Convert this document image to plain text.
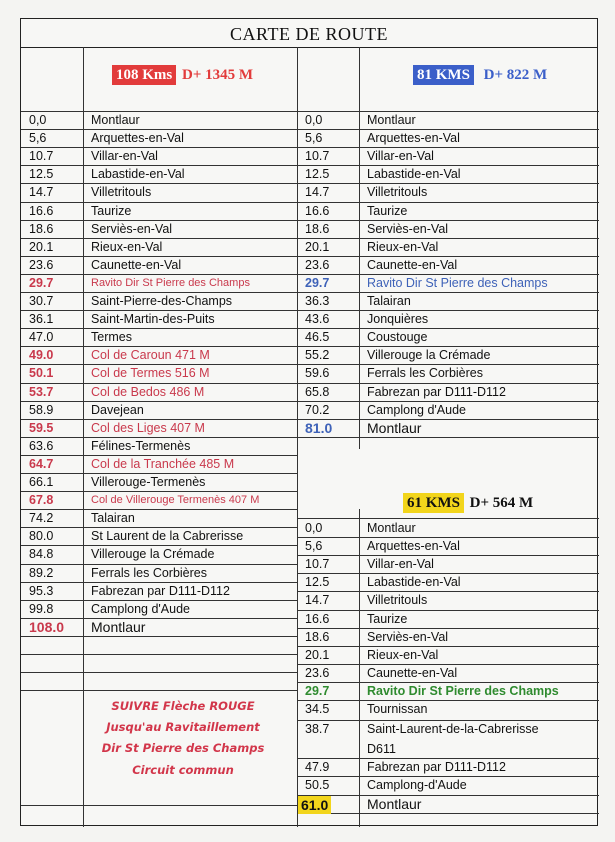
CARTE DE ROUTE
108 Kms D+ 1345 M	81 KMS D+ 822 M
61 KMS D+ 564 M
0,0	Montlaur
5,6	Arquettes-en-Val
10.7	Villar-en-Val
12.5	Labastide-en-Val
14.7	Villetritouls
16.6	Taurize
18.6	Serviès-en-Val
20.1	Rieux-en-Val
23.6	Caunette-en-Val
29.7	Ravito Dir St Pierre des Champs
30.7	Saint-Pierre-des-Champs
36.1	Saint-Martin-des-Puits
47.0	Termes
49.0	Col de Caroun 471 M
50.1	Col de Termes 516 M
53.7	Col de Bedos 486 M
58.9	Davejean
59.5	Col des Liges 407 M
63.6	Félines-Termenès
64.7	Col de la Tranchée 485 M
66.1	Villerouge-Termenès
67.8	Col de Villerouge Termenès 407 M
74.2	Talairan
80.0	St Laurent de la Cabrerisse
84.8	Villerouge la Crémade
89.2	Ferrals les Corbières
95.3	Fabrezan par D111-D112
99.8	Camplong d'Aude
108.0 Montlaur
0,0	Montlaur
5,6	Arquettes-en-Val
10.7	Villar-en-Val
12.5	Labastide-en-Val
14.7	Villetritouls
16.6	Taurize
18.6	Serviès-en-Val
20.1	Rieux-en-Val
23.6	Caunette-en-Val
29.7	Ravito Dir St Pierre des Champs
36.3	Talairan
43.6	Jonquières
46.5	Coustouge
55.2	Villerouge la Crémade
59.6	Ferrals les Corbières
65.8	Fabrezan par D111-D112
70.2	Camplong d'Aude
81.0 Montlaur
0,0	Montlaur
5,6	Arquettes-en-Val
10.7	Villar-en-Val
12.5	Labastide-en-Val
14.7	Villetritouls
16.6	Taurize
18.6	Serviès-en-Val
20.1	Rieux-en-Val
23.6	Caunette-en-Val
29.7	Ravito Dir St Pierre des Champs
34.5	Tournissan
38.7	Saint-Laurent-de-la-Cabrerisse
D611
47.9	Fabrezan par D111-D112
50.5	Camplong-d'Aude
61.0	Montlaur
SUIVRE Flèche ROUGE
Jusqu'au Ravitaillement
Dir St Pierre des Champs
Circuit commun
